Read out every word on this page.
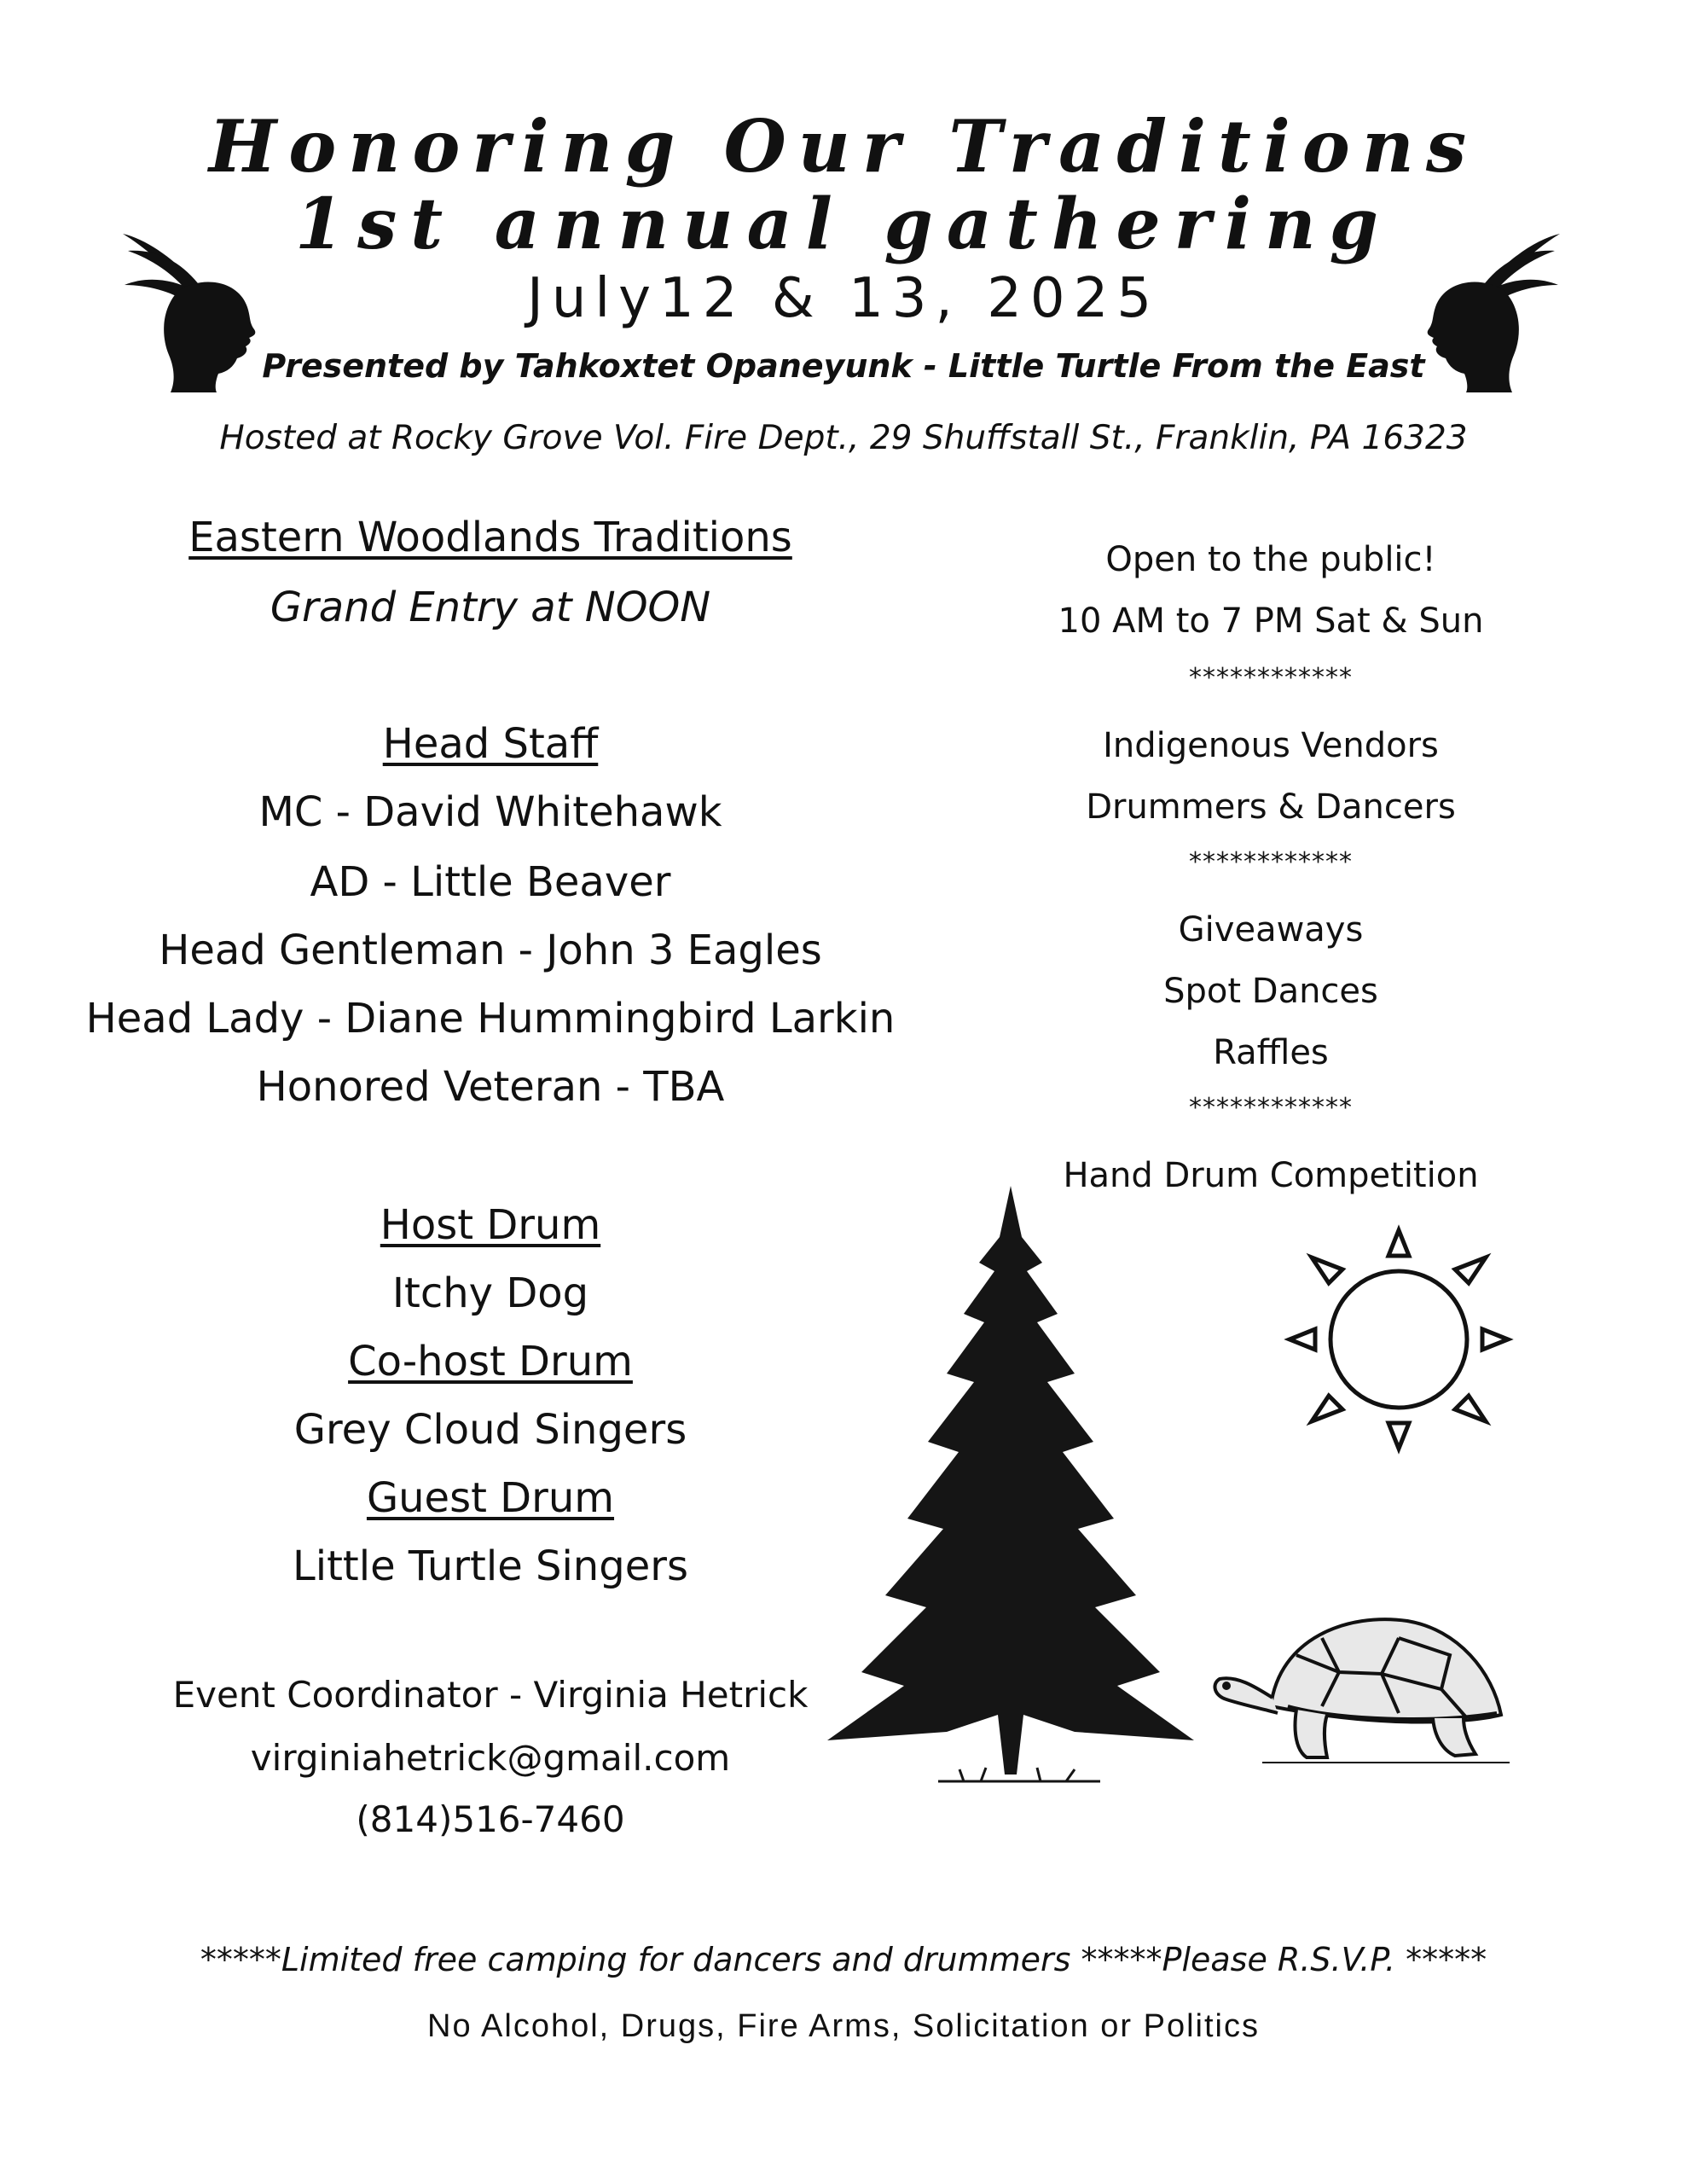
Honoring Our Traditions
1st annual gathering
July12 & 13, 2025
Presented by Tahkoxtet Opaneyunk - Little Turtle From the East
Hosted at Rocky Grove Vol. Fire Dept., 29 Shuffstall St., Franklin, PA 16323
Eastern Woodlands Traditions
Grand Entry at NOON
Head Staff
MC - David Whitehawk
AD - Little Beaver
Head Gentleman - John 3 Eagles
Head Lady - Diane Hummingbird Larkin
Honored Veteran - TBA
Host Drum
Itchy Dog
Co-host Drum
Grey Cloud Singers
Guest Drum
Little Turtle Singers
Event Coordinator - Virginia Hetrick
virginiahetrick@gmail.com
(814)516-7460
Open to the public!
10 AM to 7 PM Sat & Sun
************
Indigenous Vendors
Drummers & Dancers
************
Giveaways
Spot Dances
Raffles
************
Hand Drum Competition
*****Limited free camping for dancers and drummers *****Please R.S.V.P. *****
No Alcohol, Drugs, Fire Arms, Solicitation or Politics
